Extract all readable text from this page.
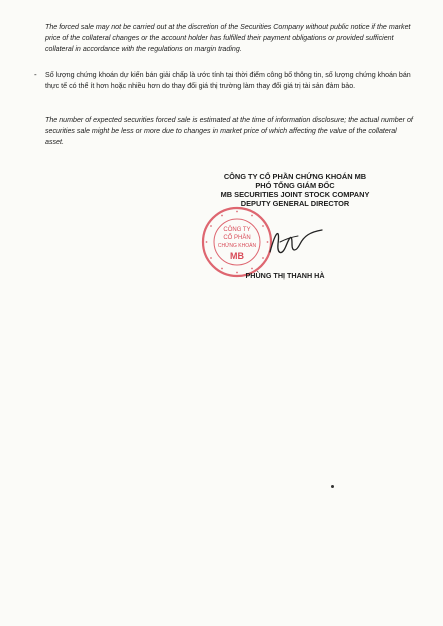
The forced sale may not be carried out at the discretion of the Securities Company without public notice if the market price of the collateral changes or the account holder has fulfilled their payment obligations or provided sufficient collateral in accordance with the regulations on margin trading.

- Số lượng chứng khoán dự kiến bán giải chấp là ước tính tại thời điểm công bố thông tin, số lượng chứng khoán bán thực tế có thể ít hơn hoặc nhiều hơn do thay đổi giá thị trường làm thay đổi giá trị tài sản đảm bảo.

The number of expected securities forced sale is estimated at the time of information disclosure; the actual number of securities sale might be less or more due to changes in market price of which affecting the value of the collateral asset.

CÔNG TY CỔ PHẦN CHỨNG KHOÁN MB
PHÓ TỔNG GIÁM ĐỐC
MB SECURITIES JOINT STOCK COMPANY
DEPUTY GENERAL DIRECTOR
CÔNG TY
CỔ PHẦN
CHỨNG KHOÁN
MB
PHÙNG THỊ THANH HÀ
